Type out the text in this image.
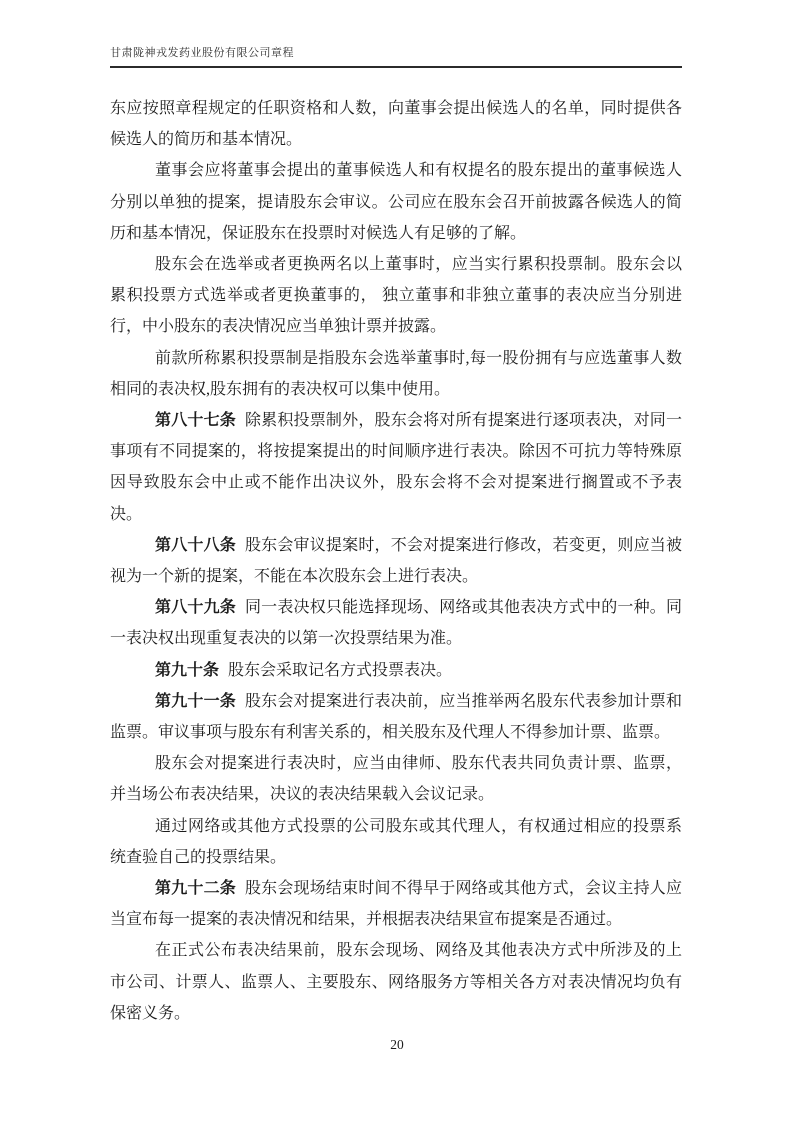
甘肃陇神戎发药业股份有限公司章程

东应按照章程规定的任职资格和人数，向董事会提出候选人的名单，同时提供各候选人的简历和基本情况。

董事会应将董事会提出的董事候选人和有权提名的股东提出的董事候选人分别以单独的提案，提请股东会审议。公司应在股东会召开前披露各候选人的简历和基本情况，保证股东在投票时对候选人有足够的了解。

股东会在选举或者更换两名以上董事时，应当实行累积投票制。股东会以累积投票方式选举或者更换董事的， 独立董事和非独立董事的表决应当分别进行，中小股东的表决情况应当单独计票并披露。

前款所称累积投票制是指股东会选举董事时,每一股份拥有与应选董事人数相同的表决权,股东拥有的表决权可以集中使用。

第八十七条 除累积投票制外，股东会将对所有提案进行逐项表决，对同一事项有不同提案的，将按提案提出的时间顺序进行表决。除因不可抗力等特殊原因导致股东会中止或不能作出决议外，股东会将不会对提案进行搁置或不予表决。

第八十八条 股东会审议提案时，不会对提案进行修改，若变更，则应当被视为一个新的提案，不能在本次股东会上进行表决。

第八十九条 同一表决权只能选择现场、网络或其他表决方式中的一种。同一表决权出现重复表决的以第一次投票结果为准。

第九十条 股东会采取记名方式投票表决。

第九十一条 股东会对提案进行表决前，应当推举两名股东代表参加计票和监票。审议事项与股东有利害关系的，相关股东及代理人不得参加计票、监票。

股东会对提案进行表决时，应当由律师、股东代表共同负责计票、监票，并当场公布表决结果，决议的表决结果载入会议记录。

通过网络或其他方式投票的公司股东或其代理人，有权通过相应的投票系统查验自己的投票结果。

第九十二条 股东会现场结束时间不得早于网络或其他方式，会议主持人应当宣布每一提案的表决情况和结果，并根据表决结果宣布提案是否通过。

在正式公布表决结果前，股东会现场、网络及其他表决方式中所涉及的上市公司、计票人、监票人、主要股东、网络服务方等相关各方对表决情况均负有保密义务。

20
